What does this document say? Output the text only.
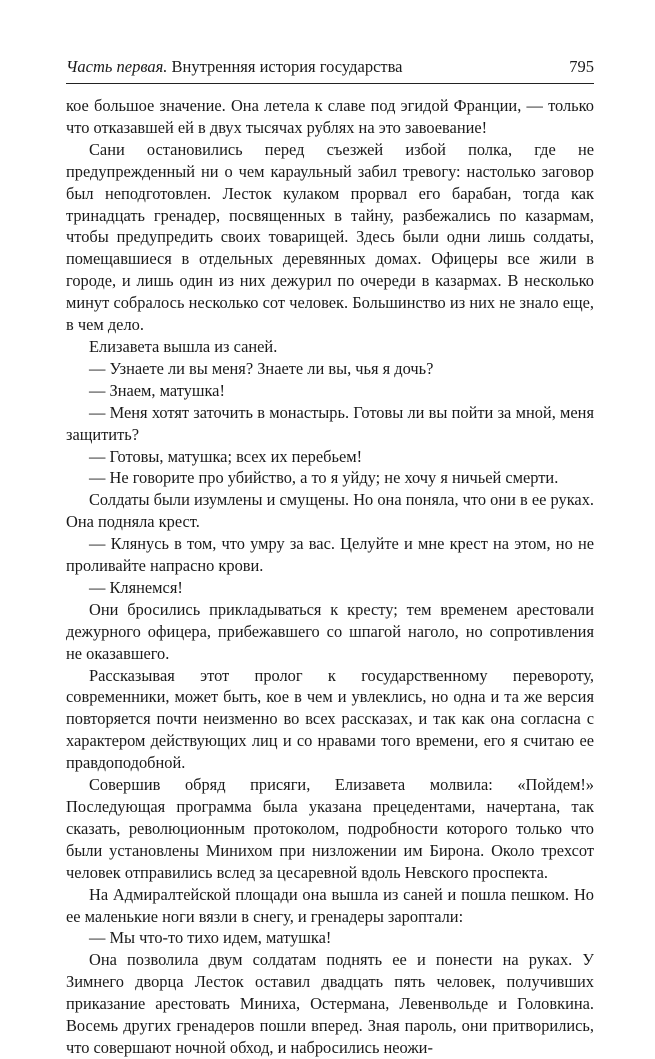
Часть первая. Внутренняя история государства	795

кое большое значение. Она летела к славе под эгидой Франции, — только что отказавшей ей в двух тысячах рублях на это завоевание!

Сани остановились перед съезжей избой полка, где не предупрежденный ни о чем караульный забил тревогу: настолько заговор был неподготовлен. Лесток кулаком прорвал его барабан, тогда как тринадцать гренадер, посвященных в тайну, разбежались по казармам, чтобы предупредить своих товарищей. Здесь были одни лишь солдаты, помещавшиеся в отдельных деревянных домах. Офицеры все жили в городе, и лишь один из них дежурил по очереди в казармах. В несколько минут собралось несколько сот человек. Большинство из них не знало еще, в чем дело.

Елизавета вышла из саней.

— Узнаете ли вы меня? Знаете ли вы, чья я дочь?

— Знаем, матушка!

— Меня хотят заточить в монастырь. Готовы ли вы пойти за мной, меня защитить?

— Готовы, матушка; всех их перебьем!

— Не говорите про убийство, а то я уйду; не хочу я ничьей смерти.

Солдаты были изумлены и смущены. Но она поняла, что они в ее руках. Она подняла крест.

— Клянусь в том, что умру за вас. Целуйте и мне крест на этом, но не проливайте напрасно крови.

— Клянемся!

Они бросились прикладываться к кресту; тем временем арестовали дежурного офицера, прибежавшего со шпагой наголо, но сопротивления не оказавшего.

Рассказывая этот пролог к государственному перевороту, современники, может быть, кое в чем и увлеклись, но одна и та же версия повторяется почти неизменно во всех рассказах, и так как она согласна с характером действующих лиц и со нравами того времени, его я считаю ее правдоподобной.

Совершив обряд присяги, Елизавета молвила: «Пойдем!» Последующая программа была указана прецедентами, начертана, так сказать, революционным протоколом, подробности которого только что были установлены Минихом при низложении им Бирона. Около трехсот человек отправились вслед за цесаревной вдоль Невского проспекта.

На Адмиралтейской площади она вышла из саней и пошла пешком. Но ее маленькие ноги вязли в снегу, и гренадеры зароптали:

— Мы что-то тихо идем, матушка!

Она позволила двум солдатам поднять ее и понести на руках. У Зимнего дворца Лесток оставил двадцать пять человек, получивших приказание арестовать Миниха, Остермана, Левенвольде и Головкина. Восемь других гренадеров пошли вперед. Зная пароль, они притворились, что совершают ночной обход, и набросились неожи-
